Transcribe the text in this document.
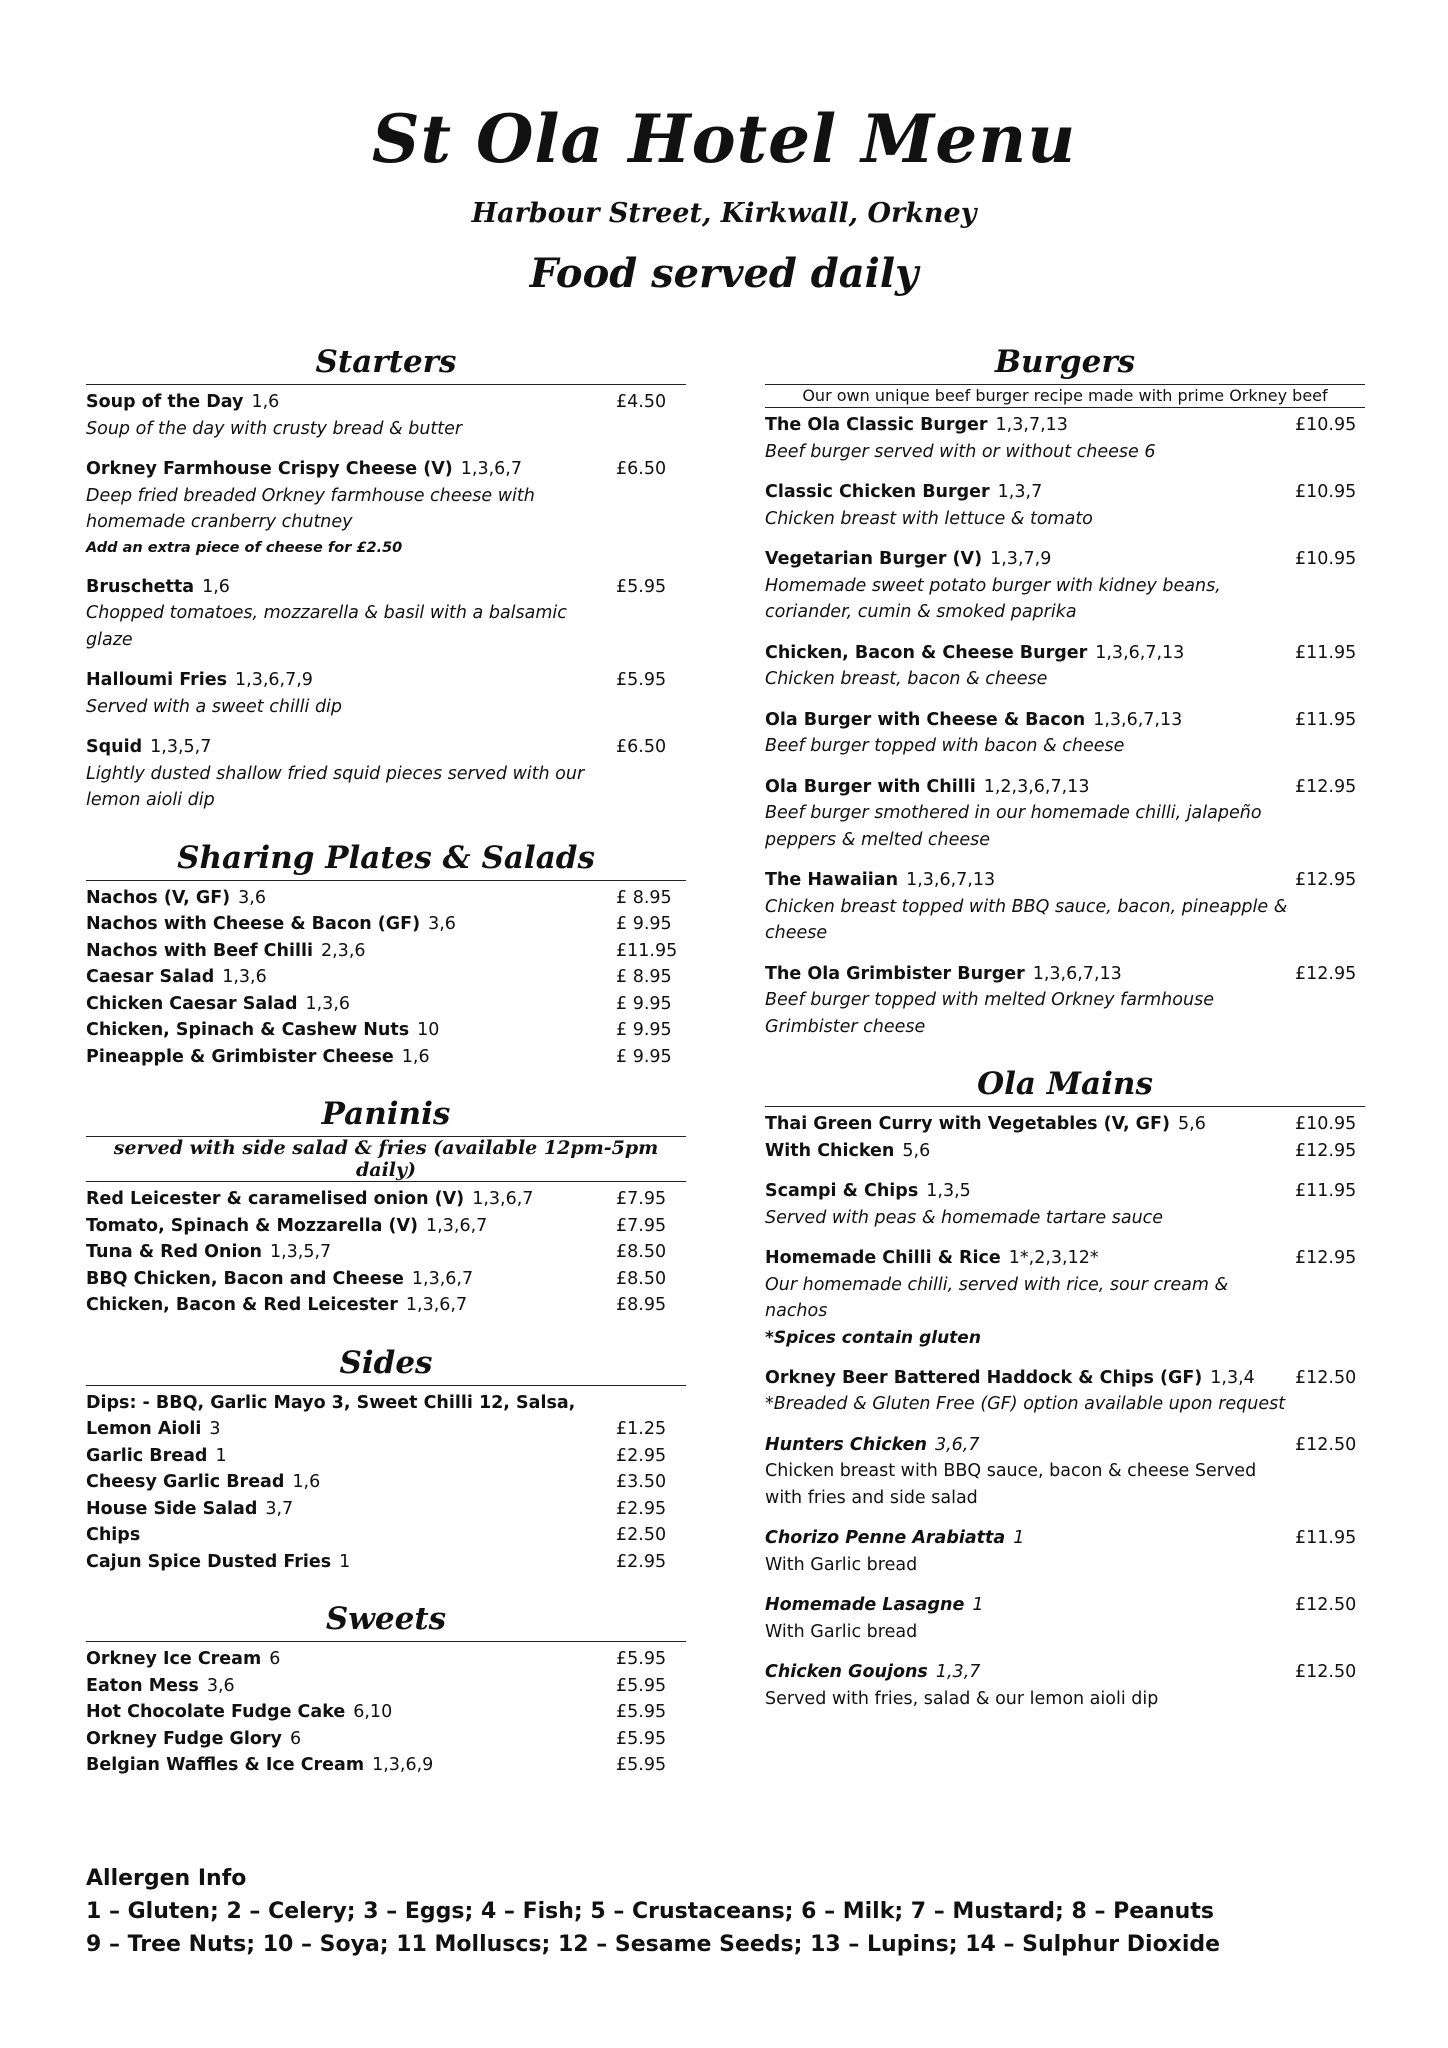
St Ola Hotel Menu
Harbour Street, Kirkwall, Orkney
Food served daily
Starters
Soup of the Day 1,6	£4.50
Soup of the day with crusty bread & butter
Orkney Farmhouse Crispy Cheese (V) 1,3,6,7	£6.50
Deep fried breaded Orkney farmhouse cheese with homemade cranberry chutney
Add an extra piece of cheese for £2.50
Bruschetta 1,6	£5.95
Chopped tomatoes, mozzarella & basil with a balsamic glaze
Halloumi Fries 1,3,6,7,9	£5.95
Served with a sweet chilli dip
Squid 1,3,5,7	£6.50
Lightly dusted shallow fried squid pieces served with our lemon aioli dip
Sharing Plates & Salads
Nachos (V, GF) 3,6	£ 8.95
Nachos with Cheese & Bacon (GF) 3,6	£ 9.95
Nachos with Beef Chilli 2,3,6	£11.95
Caesar Salad 1,3,6	£ 8.95
Chicken Caesar Salad 1,3,6	£ 9.95
Chicken, Spinach & Cashew Nuts 10	£ 9.95
Pineapple & Grimbister Cheese 1,6	£ 9.95
Paninis
served with side salad & fries (available 12pm-5pm daily)
Red Leicester & caramelised onion (V) 1,3,6,7	£7.95
Tomato, Spinach & Mozzarella (V) 1,3,6,7	£7.95
Tuna & Red Onion 1,3,5,7	£8.50
BBQ Chicken, Bacon and Cheese 1,3,6,7	£8.50
Chicken, Bacon & Red Leicester 1,3,6,7	£8.95
Sides
Dips: - BBQ, Garlic Mayo 3, Sweet Chilli 12, Salsa,
Lemon Aioli 3	£1.25
Garlic Bread 1	£2.95
Cheesy Garlic Bread 1,6	£3.50
House Side Salad 3,7	£2.95
Chips	£2.50
Cajun Spice Dusted Fries 1	£2.95
Sweets
Orkney Ice Cream 6	£5.95
Eaton Mess 3,6	£5.95
Hot Chocolate Fudge Cake 6,10	£5.95
Orkney Fudge Glory 6	£5.95
Belgian Waffles & Ice Cream 1,3,6,9	£5.95
Burgers
Our own unique beef burger recipe made with prime Orkney beef
The Ola Classic Burger 1,3,7,13	£10.95
Beef burger served with or without cheese 6
Classic Chicken Burger 1,3,7	£10.95
Chicken breast with lettuce & tomato
Vegetarian Burger (V) 1,3,7,9	£10.95
Homemade sweet potato burger with kidney beans, coriander, cumin & smoked paprika
Chicken, Bacon & Cheese Burger 1,3,6,7,13	£11.95
Chicken breast, bacon & cheese
Ola Burger with Cheese & Bacon 1,3,6,7,13	£11.95
Beef burger topped with bacon & cheese
Ola Burger with Chilli 1,2,3,6,7,13	£12.95
Beef burger smothered in our homemade chilli, jalapeño peppers & melted cheese
The Hawaiian 1,3,6,7,13	£12.95
Chicken breast topped with BBQ sauce, bacon, pineapple & cheese
The Ola Grimbister Burger 1,3,6,7,13	£12.95
Beef burger topped with melted Orkney farmhouse Grimbister cheese
Ola Mains
Thai Green Curry with Vegetables (V, GF) 5,6	£10.95
With Chicken 5,6	£12.95
Scampi & Chips 1,3,5	£11.95
Served with peas & homemade tartare sauce
Homemade Chilli & Rice 1*,2,3,12*	£12.95
Our homemade chilli, served with rice, sour cream & nachos
*Spices contain gluten
Orkney Beer Battered Haddock & Chips (GF) 1,3,4	£12.50
*Breaded & Gluten Free (GF) option available upon request
Hunters Chicken 3,6,7	£12.50
Chicken breast with BBQ sauce, bacon & cheese Served with fries and side salad
Chorizo Penne Arabiatta 1	£11.95
With Garlic bread
Homemade Lasagne 1	£12.50
With Garlic bread
Chicken Goujons 1,3,7	£12.50
Served with fries, salad & our lemon aioli dip
Allergen Info
1 – Gluten; 2 – Celery; 3 – Eggs; 4 – Fish; 5 – Crustaceans; 6 – Milk; 7 – Mustard; 8 – Peanuts
9 – Tree Nuts; 10 – Soya; 11 Molluscs; 12 – Sesame Seeds; 13 – Lupins; 14 – Sulphur Dioxide
